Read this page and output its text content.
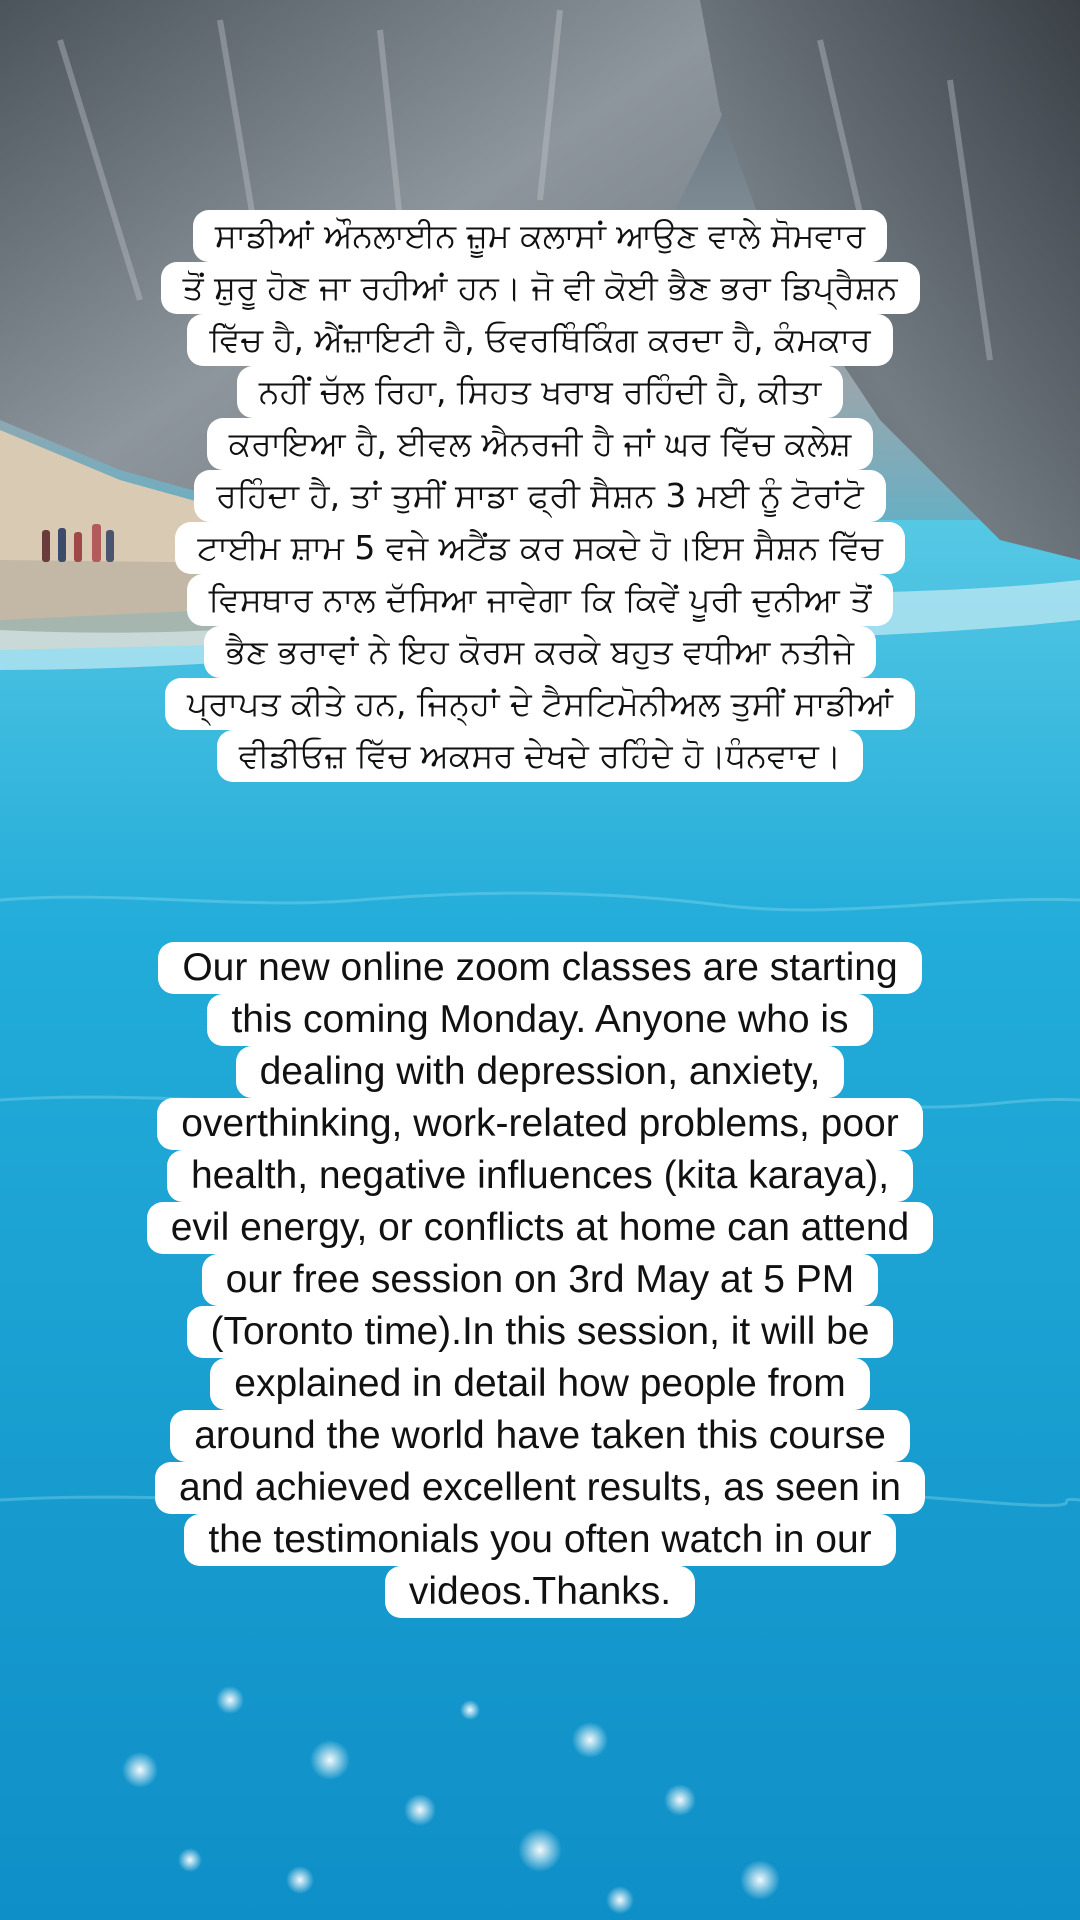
ਸਾਡੀਆਂ ਔਨਲਾਈਨ ਜ਼ੂਮ ਕਲਾਸਾਂ ਆਉਣ ਵਾਲੇ ਸੋਮਵਾਰ
ਤੋਂ ਸ਼ੁਰੂ ਹੋਣ ਜਾ ਰਹੀਆਂ ਹਨ। ਜੋ ਵੀ ਕੋਈ ਭੈਣ ਭਰਾ ਡਿਪ੍ਰੈਸ਼ਨ
ਵਿੱਚ ਹੈ, ਐਂਜ਼ਾਇਟੀ ਹੈ, ਓਵਰਥਿੰਕਿੰਗ ਕਰਦਾ ਹੈ, ਕੰਮਕਾਰ
ਨਹੀਂ ਚੱਲ ਰਿਹਾ, ਸਿਹਤ ਖਰਾਬ ਰਹਿੰਦੀ ਹੈ, ਕੀਤਾ
ਕਰਾਇਆ ਹੈ, ਈਵਲ ਐਨਰਜੀ ਹੈ ਜਾਂ ਘਰ ਵਿੱਚ ਕਲੇਸ਼
ਰਹਿੰਦਾ ਹੈ, ਤਾਂ ਤੁਸੀਂ ਸਾਡਾ ਫ੍ਰੀ ਸੈਸ਼ਨ 3 ਮਈ ਨੂੰ ਟੋਰਾਂਟੋ
ਟਾਈਮ ਸ਼ਾਮ 5 ਵਜੇ ਅਟੈਂਡ ਕਰ ਸਕਦੇ ਹੋ।ਇਸ ਸੈਸ਼ਨ ਵਿੱਚ
ਵਿਸਥਾਰ ਨਾਲ ਦੱਸਿਆ ਜਾਵੇਗਾ ਕਿ ਕਿਵੇਂ ਪੂਰੀ ਦੁਨੀਆ ਤੋਂ
ਭੈਣ ਭਰਾਵਾਂ ਨੇ ਇਹ ਕੋਰਸ ਕਰਕੇ ਬਹੁਤ ਵਧੀਆ ਨਤੀਜੇ
ਪ੍ਰਾਪਤ ਕੀਤੇ ਹਨ, ਜਿਨ੍ਹਾਂ ਦੇ ਟੈਸਟਿਮੋਨੀਅਲ ਤੁਸੀਂ ਸਾਡੀਆਂ
ਵੀਡੀਓਜ਼ ਵਿੱਚ ਅਕਸਰ ਦੇਖਦੇ ਰਹਿੰਦੇ ਹੋ।ਧੰਨਵਾਦ।
Our new online zoom classes are starting
this coming Monday. Anyone who is
dealing with depression, anxiety,
overthinking, work-related problems, poor
health, negative influences (kita karaya),
evil energy, or conflicts at home can attend
our free session on 3rd May at 5 PM
(Toronto time).In this session, it will be
explained in detail how people from
around the world have taken this course
and achieved excellent results, as seen in
the testimonials you often watch in our
videos.Thanks.
